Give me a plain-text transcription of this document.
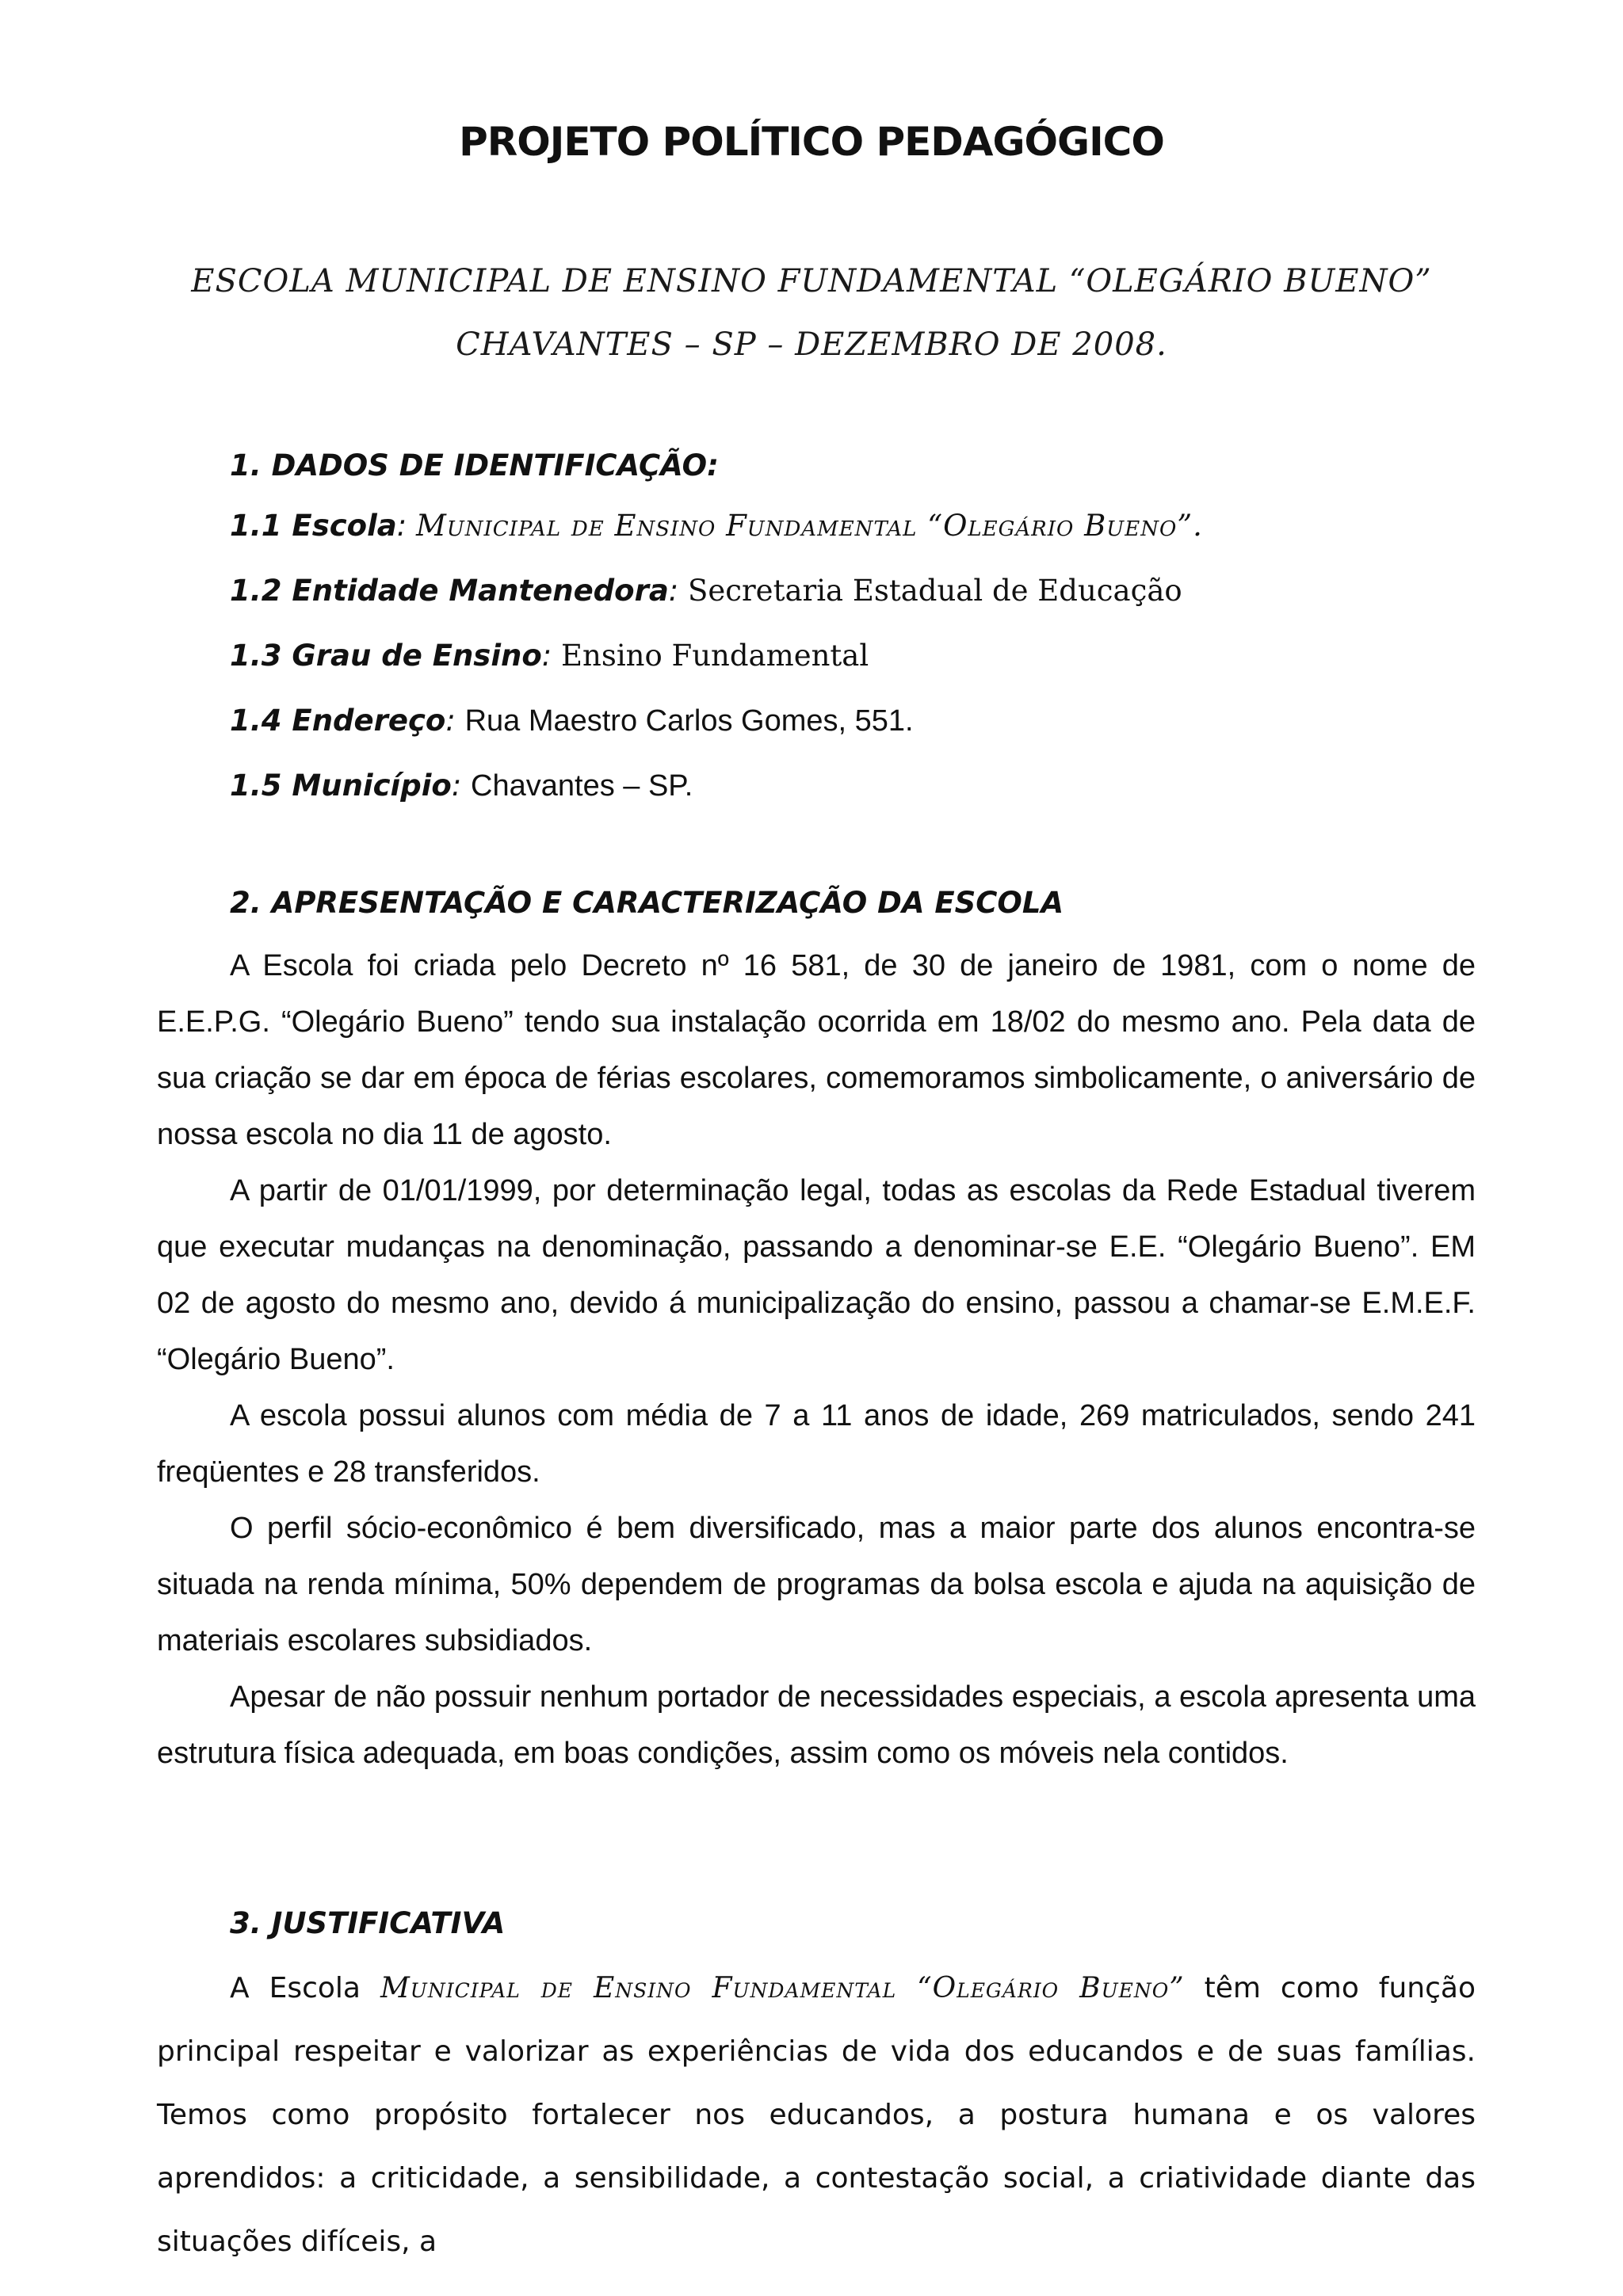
PROJETO POLÍTICO PEDAGÓGICO
ESCOLA MUNICIPAL DE ENSINO FUNDAMENTAL “OLEGÁRIO BUENO”
CHAVANTES – SP – DEZEMBRO DE 2008.
1. DADOS DE IDENTIFICAÇÃO:
1.1 Escola: Municipal de Ensino Fundamental “Olegário Bueno”.
1.2 Entidade Mantenedora: Secretaria Estadual de Educação
1.3 Grau de Ensino: Ensino Fundamental
1.4 Endereço: Rua Maestro Carlos Gomes, 551.
1.5 Município: Chavantes – SP.
2. APRESENTAÇÃO E CARACTERIZAÇÃO DA ESCOLA

A Escola foi criada pelo Decreto nº 16 581, de 30 de janeiro de 1981, com o nome de E.E.P.G. “Olegário Bueno” tendo sua instalação ocorrida em 18/02 do mesmo ano. Pela data de sua criação se dar em época de férias escolares, comemoramos simbolicamente, o aniversário de nossa escola no dia 11 de agosto.

A partir de 01/01/1999, por determinação legal, todas as escolas da Rede Estadual tiverem que executar mudanças na denominação, passando a denominar-se E.E. “Olegário Bueno”. EM 02 de agosto do mesmo ano, devido á municipalização do ensino, passou a chamar-se E.M.E.F. “Olegário Bueno”.

A escola possui alunos com média de 7 a 11 anos de idade, 269 matriculados, sendo 241 freqüentes e 28 transferidos.

O perfil sócio-econômico é bem diversificado, mas a maior parte dos alunos encontra-se situada na renda mínima, 50% dependem de programas da bolsa escola e ajuda na aquisição de materiais escolares subsidiados.

Apesar de não possuir nenhum portador de necessidades especiais, a escola apresenta uma estrutura física adequada, em boas condições, assim como os móveis nela contidos.

3. JUSTIFICATIVA

A Escola Municipal de Ensino Fundamental “Olegário Bueno” têm como função principal respeitar e valorizar as experiências de vida dos educandos e de suas famílias. Temos como propósito fortalecer nos educandos, a postura humana e os valores aprendidos: a criticidade, a sensibilidade, a contestação social, a criatividade diante das situações difíceis, a
